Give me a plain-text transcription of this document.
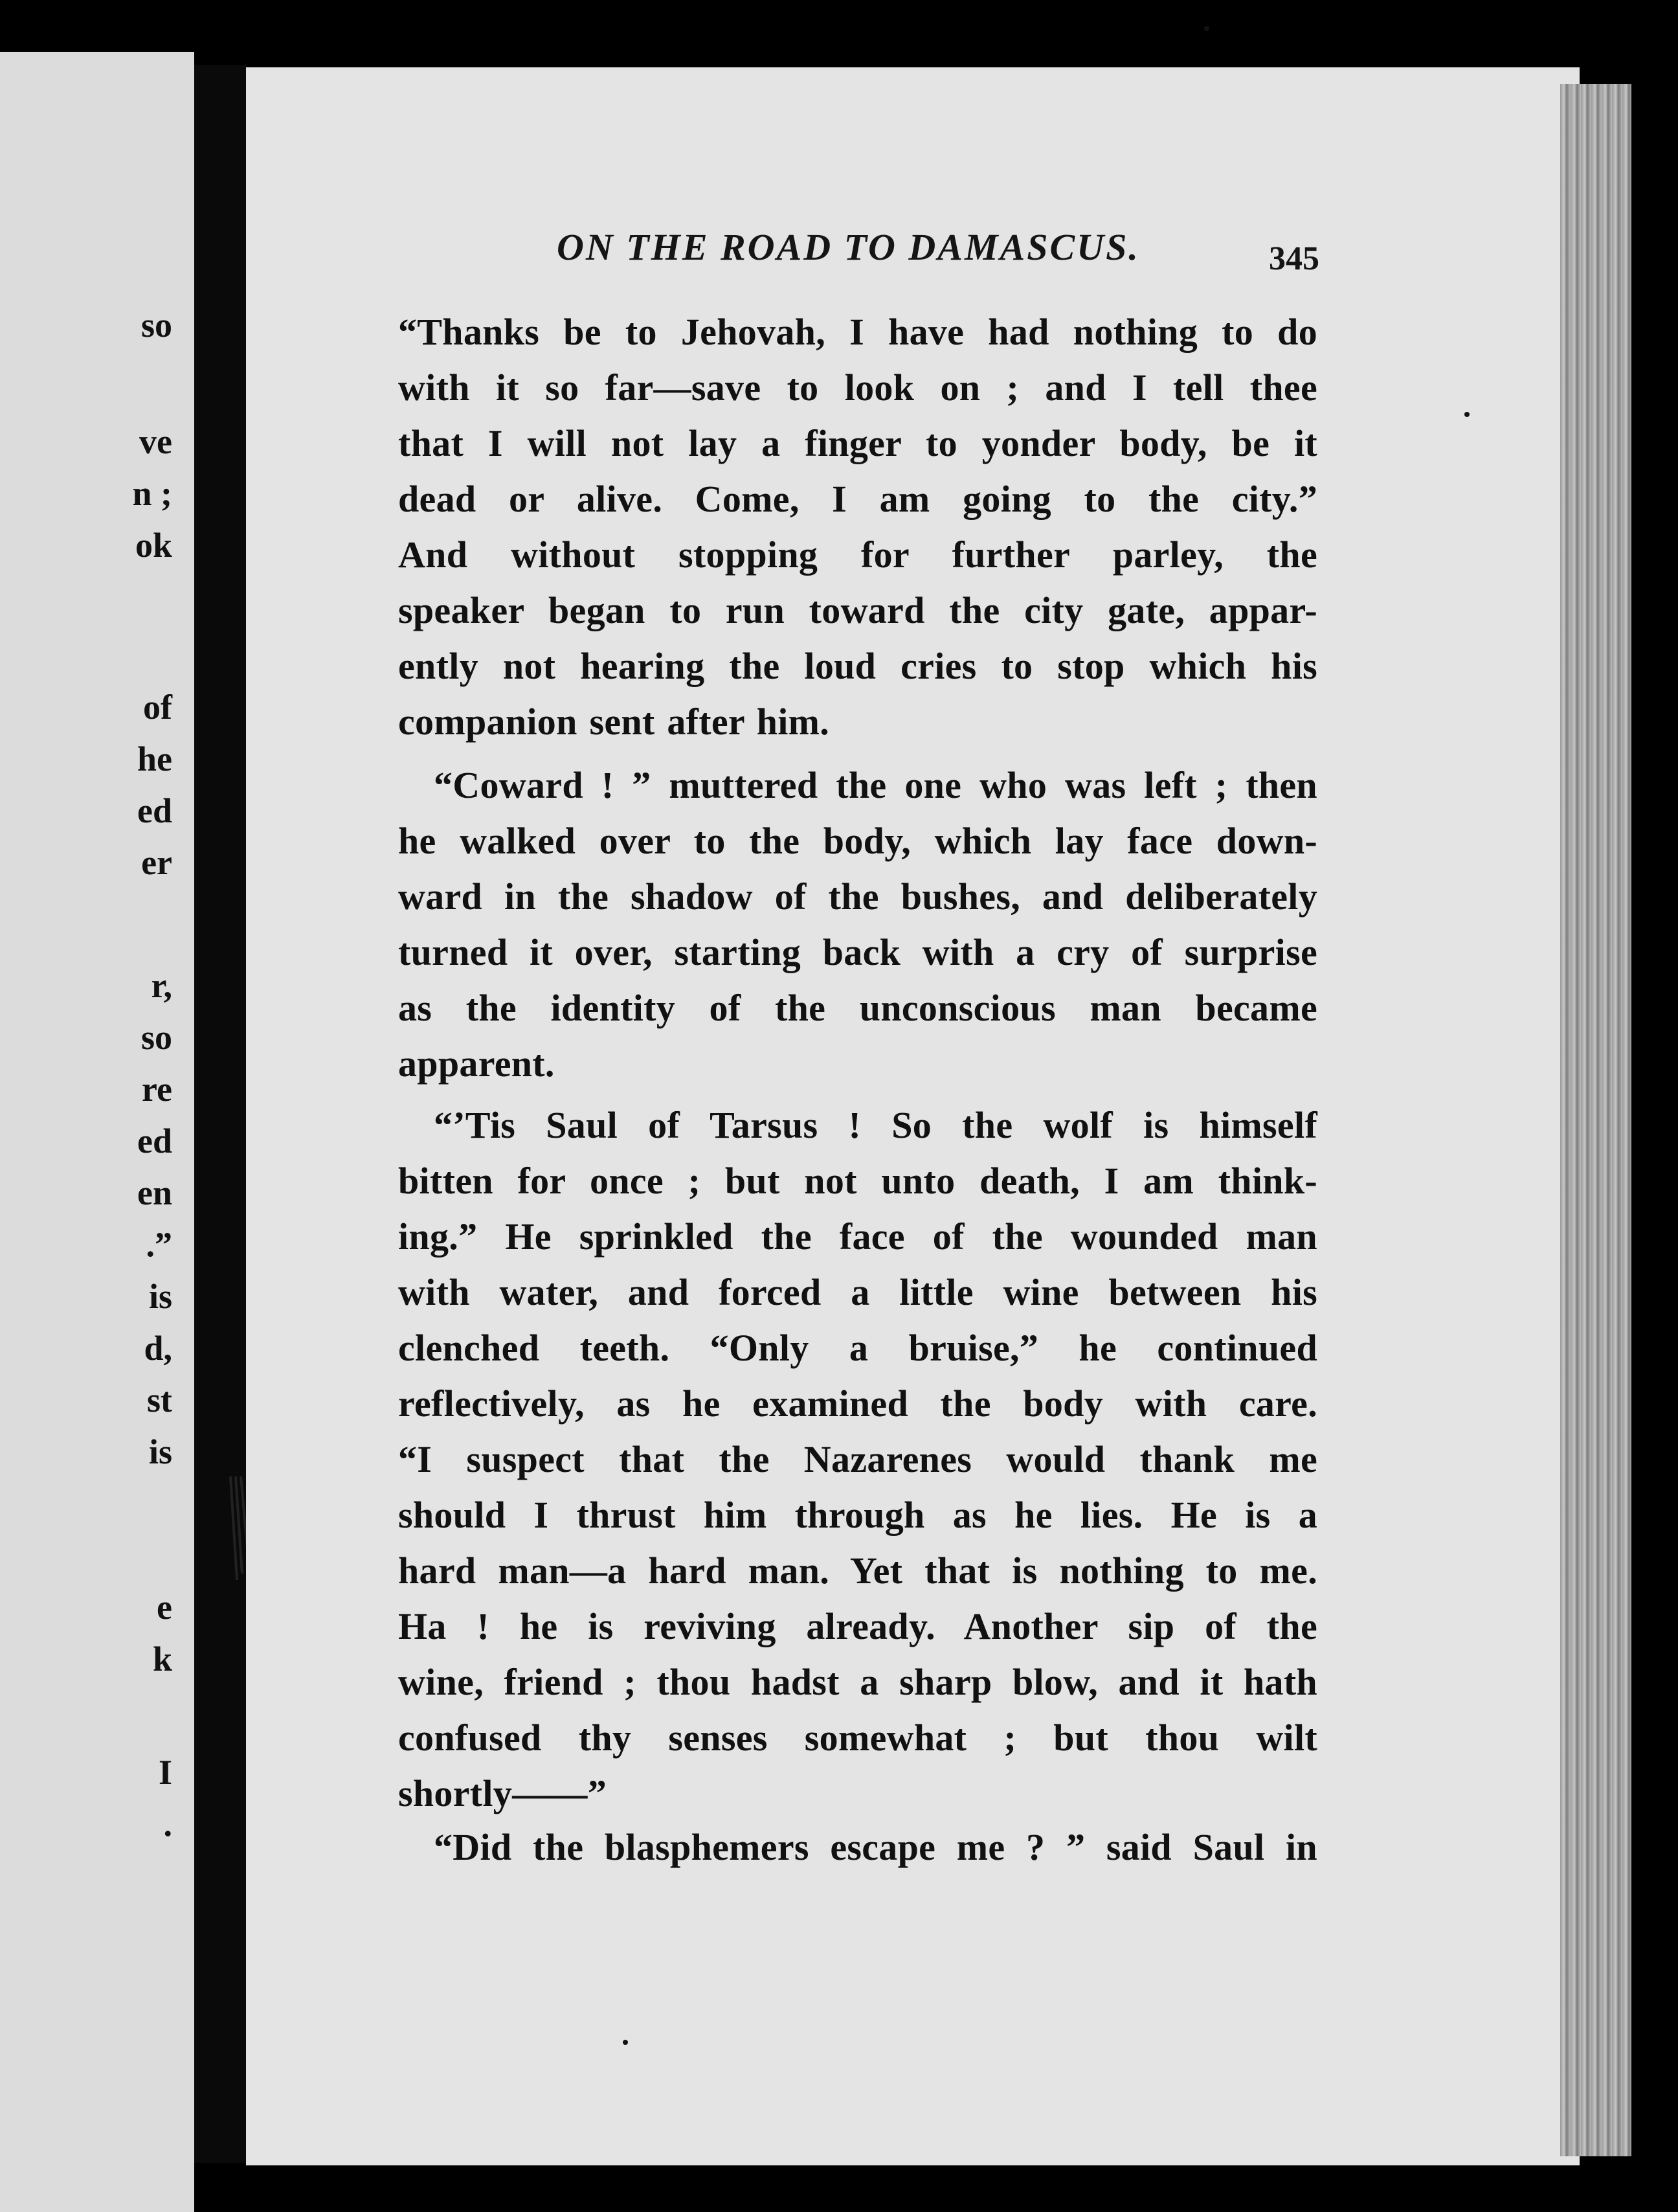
so
ve
n ;
ok
of
he
ed
er
r,
so
re
ed
en
.”
is
d,
st
is
e
k
I
.
ON THE ROAD TO DAMASCUS.	345
“Thanks be to Jehovah, I have had nothing to do
with it so far—save to look on ; and I tell thee
that I will not lay a finger to yonder body, be it
dead or alive. Come, I am going to the city.”
And without stopping for further parley, the
speaker began to run toward the city gate, appar-
ently not hearing the loud cries to stop which his
companion sent after him.
“Coward ! ” muttered the one who was left ; then
he walked over to the body, which lay face down-
ward in the shadow of the bushes, and deliberately
turned it over, starting back with a cry of surprise
as the identity of the unconscious man became
apparent.
“’Tis Saul of Tarsus ! So the wolf is himself
bitten for once ; but not unto death, I am think-
ing.” He sprinkled the face of the wounded man
with water, and forced a little wine between his
clenched teeth. “Only a bruise,” he continued
reflectively, as he examined the body with care.
“I suspect that the Nazarenes would thank me
should I thrust him through as he lies. He is a
hard man—a hard man. Yet that is nothing to me.
Ha ! he is reviving already. Another sip of the
wine, friend ; thou hadst a sharp blow, and it hath
confused thy senses somewhat ; but thou wilt
shortly——”
“Did the blasphemers escape me ? ” said Saul in
